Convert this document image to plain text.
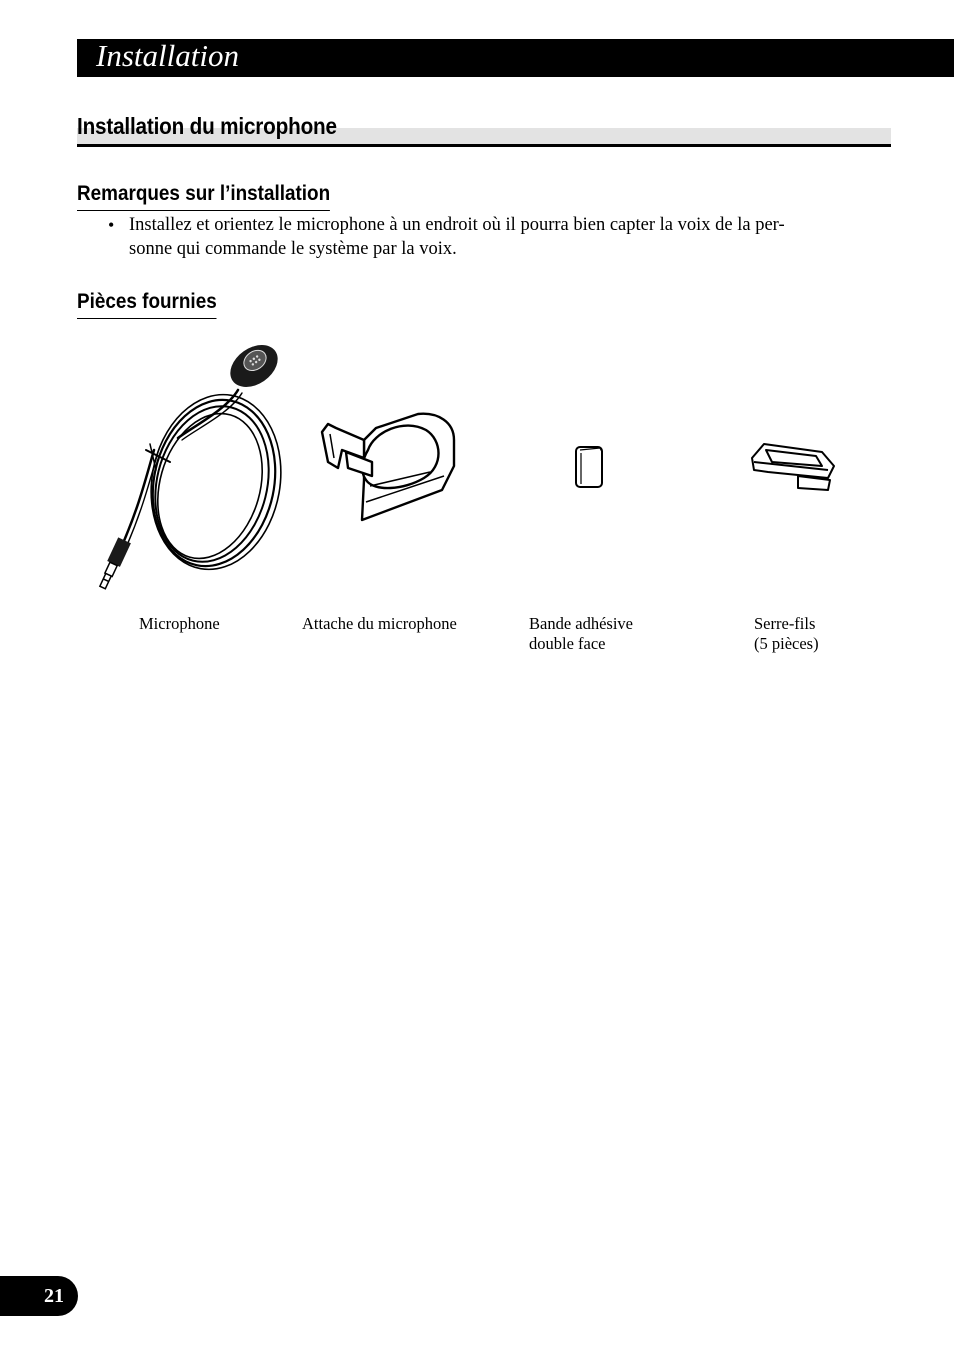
Installation
Installation du microphone
Remarques sur l’installation
• Installez et orientez le microphone à un endroit où il pourra bien capter la voix de la per-
sonne qui commande le système par la voix.
Pièces fournies
Microphone	Attache du microphone	Bande adhésive
double face
Serre-fils
(5 pièces)
21
